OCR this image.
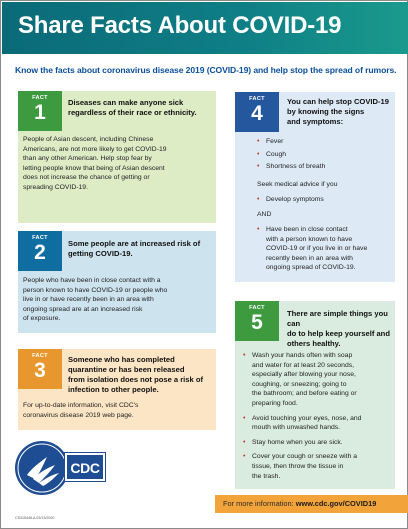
Share Facts About COVID-19
Know the facts about coronavirus disease 2019 (COVID-19) and help stop the spread of rumors.
FACT
1	Diseases can make anyone sick
regardless of their race or ethnicity.
People of Asian descent, including Chinese
Americans, are not more likely to get COVID-19
than any other American. Help stop fear by
letting people know that being of Asian descent
does not increase the chance of getting or
spreading COVID-19.
FACT
2	Some people are at increased risk of
getting COVID-19.
People who have been in close contact with a
person known to have COVID-19 or people who
live in or have recently been in an area with
ongoing spread are at an increased risk
of exposure.
FACT
3	Someone who has completed
quarantine or has been released
from isolation does not pose a risk of
infection to other people.
For up-to-date information, visit CDC's
coronavirus disease 2019 web page.
FACT
4
You can help stop COVID-19
by knowing the signs
and symptoms:
• Fever
• Cough
• Shortness of breath
Seek medical advice if you
• Develop symptoms
AND
• Have been in close contact
with a person known to have
COVID-19 or if you live in or have
recently been in an area with
ongoing spread of COVID-19.
FACT
5	There are simple things you can
do to help keep yourself and
others healthy.
• Wash your hands often with soap
and water for at least 20 seconds,
especially after blowing your nose,
coughing, or sneezing; going to
the bathroom; and before eating or
preparing food.
• Avoid touching your eyes, nose, and
mouth with unwashed hands.
• Stay home when you are sick.
• Cover your cough or sneeze with a
tissue, then throw the tissue in
the trash.
CDC
For more information: www.cdc.gov/COVID19
CS315446-A 03/13/2020
